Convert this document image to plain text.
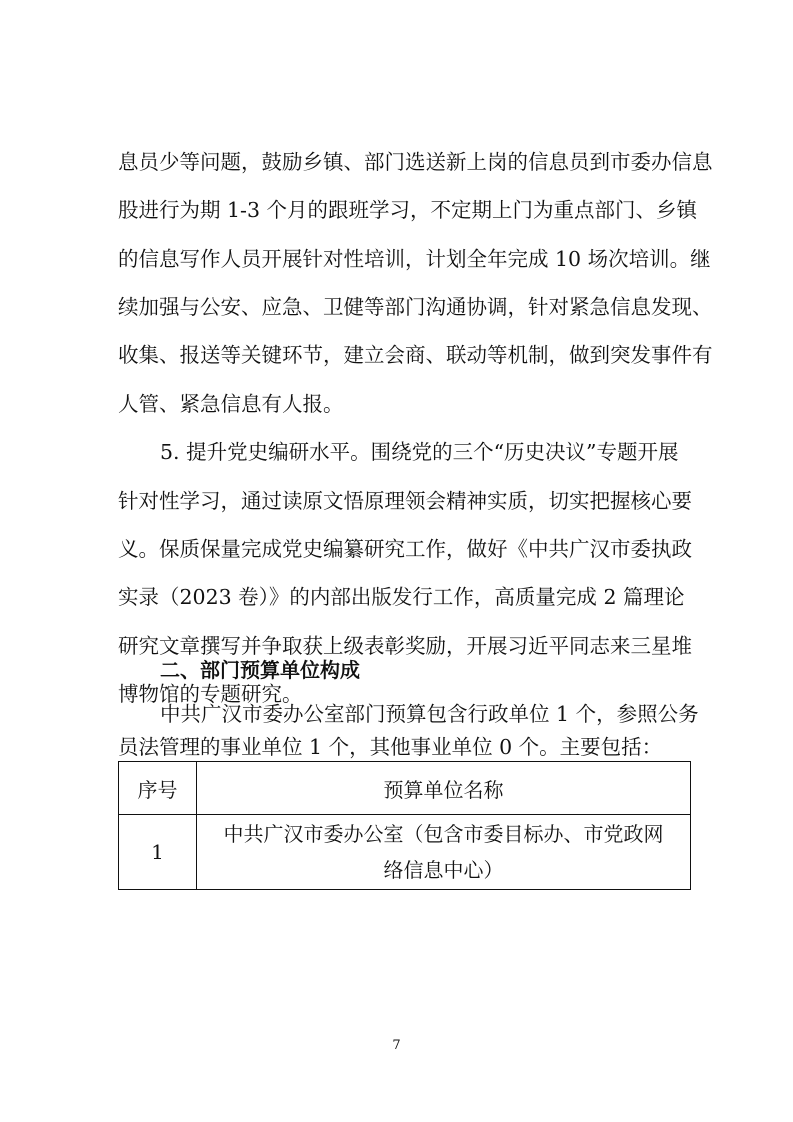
息员少等问题，鼓励乡镇、部门选送新上岗的信息员到市委办信息
股进行为期 1-3 个月的跟班学习，不定期上门为重点部门、乡镇
的信息写作人员开展针对性培训，计划全年完成 10 场次培训。继
续加强与公安、应急、卫健等部门沟通协调，针对紧急信息发现、
收集、报送等关键环节，建立会商、联动等机制，做到突发事件有
人管、紧急信息有人报。
5. 提升党史编研水平。围绕党的三个“历史决议”专题开展
针对性学习，通过读原文悟原理领会精神实质，切实把握核心要
义。保质保量完成党史编纂研究工作，做好《中共广汉市委执政
实录（2023 卷）》的内部出版发行工作，高质量完成 2 篇理论
研究文章撰写并争取获上级表彰奖励，开展习近平同志来三星堆
博物馆的专题研究。
二、部门预算单位构成
中共广汉市委办公室部门预算包含行政单位 1 个，参照公务
员法管理的事业单位 1 个，其他事业单位 0 个。主要包括：
序号	预算单位名称
1	中共广汉市委办公室（包含市委目标办、市党政网
络信息中心）
7
